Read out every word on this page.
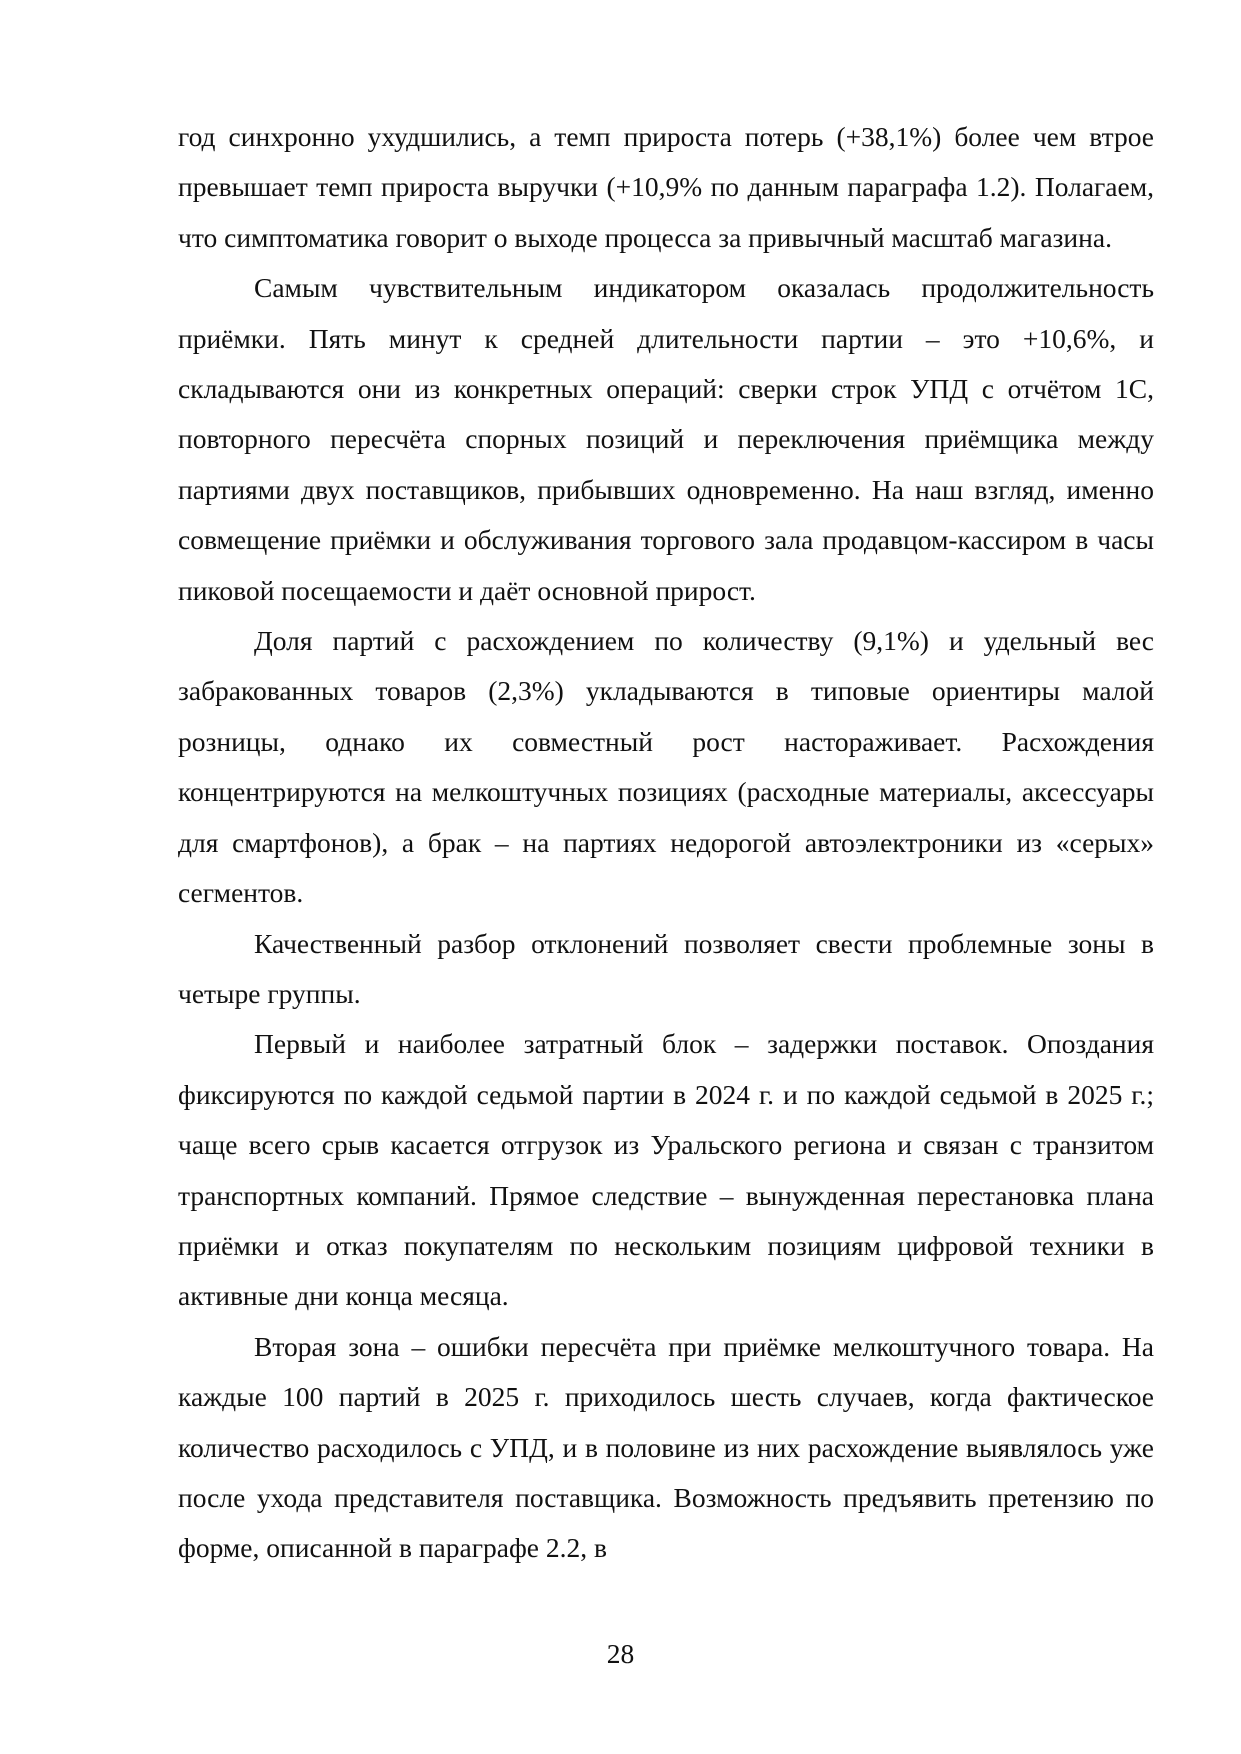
год синхронно ухудшились, а темп прироста потерь (+38,1%) более чем втрое превышает темп прироста выручки (+10,9% по данным параграфа 1.2). Полагаем, что симптоматика говорит о выходе процесса за привычный масштаб магазина.

Самым чувствительным индикатором оказалась продолжительность приёмки. Пять минут к средней длительности партии – это +10,6%, и складываются они из конкретных операций: сверки строк УПД с отчётом 1С, повторного пересчёта спорных позиций и переключения приёмщика между партиями двух поставщиков, прибывших одновременно. На наш взгляд, именно совмещение приёмки и обслуживания торгового зала продавцом-кассиром в часы пиковой посещаемости и даёт основной прирост.

Доля партий с расхождением по количеству (9,1%) и удельный вес забракованных товаров (2,3%) укладываются в типовые ориентиры малой розницы, однако их совместный рост настораживает. Расхождения концентрируются на мелкоштучных позициях (расходные материалы, аксессуары для смартфонов), а брак – на партиях недорогой автоэлектроники из «серых» сегментов.

Качественный разбор отклонений позволяет свести проблемные зоны в четыре группы.

Первый и наиболее затратный блок – задержки поставок. Опоздания фиксируются по каждой седьмой партии в 2024 г. и по каждой седьмой в 2025 г.; чаще всего срыв касается отгрузок из Уральского региона и связан с транзитом транспортных компаний. Прямое следствие – вынужденная перестановка плана приёмки и отказ покупателям по нескольким позициям цифровой техники в активные дни конца месяца.

Вторая зона – ошибки пересчёта при приёмке мелкоштучного товара. На каждые 100 партий в 2025 г. приходилось шесть случаев, когда фактическое количество расходилось с УПД, и в половине из них расхождение выявлялось уже после ухода представителя поставщика. Возможность предъявить претензию по форме, описанной в параграфе 2.2, в

28
